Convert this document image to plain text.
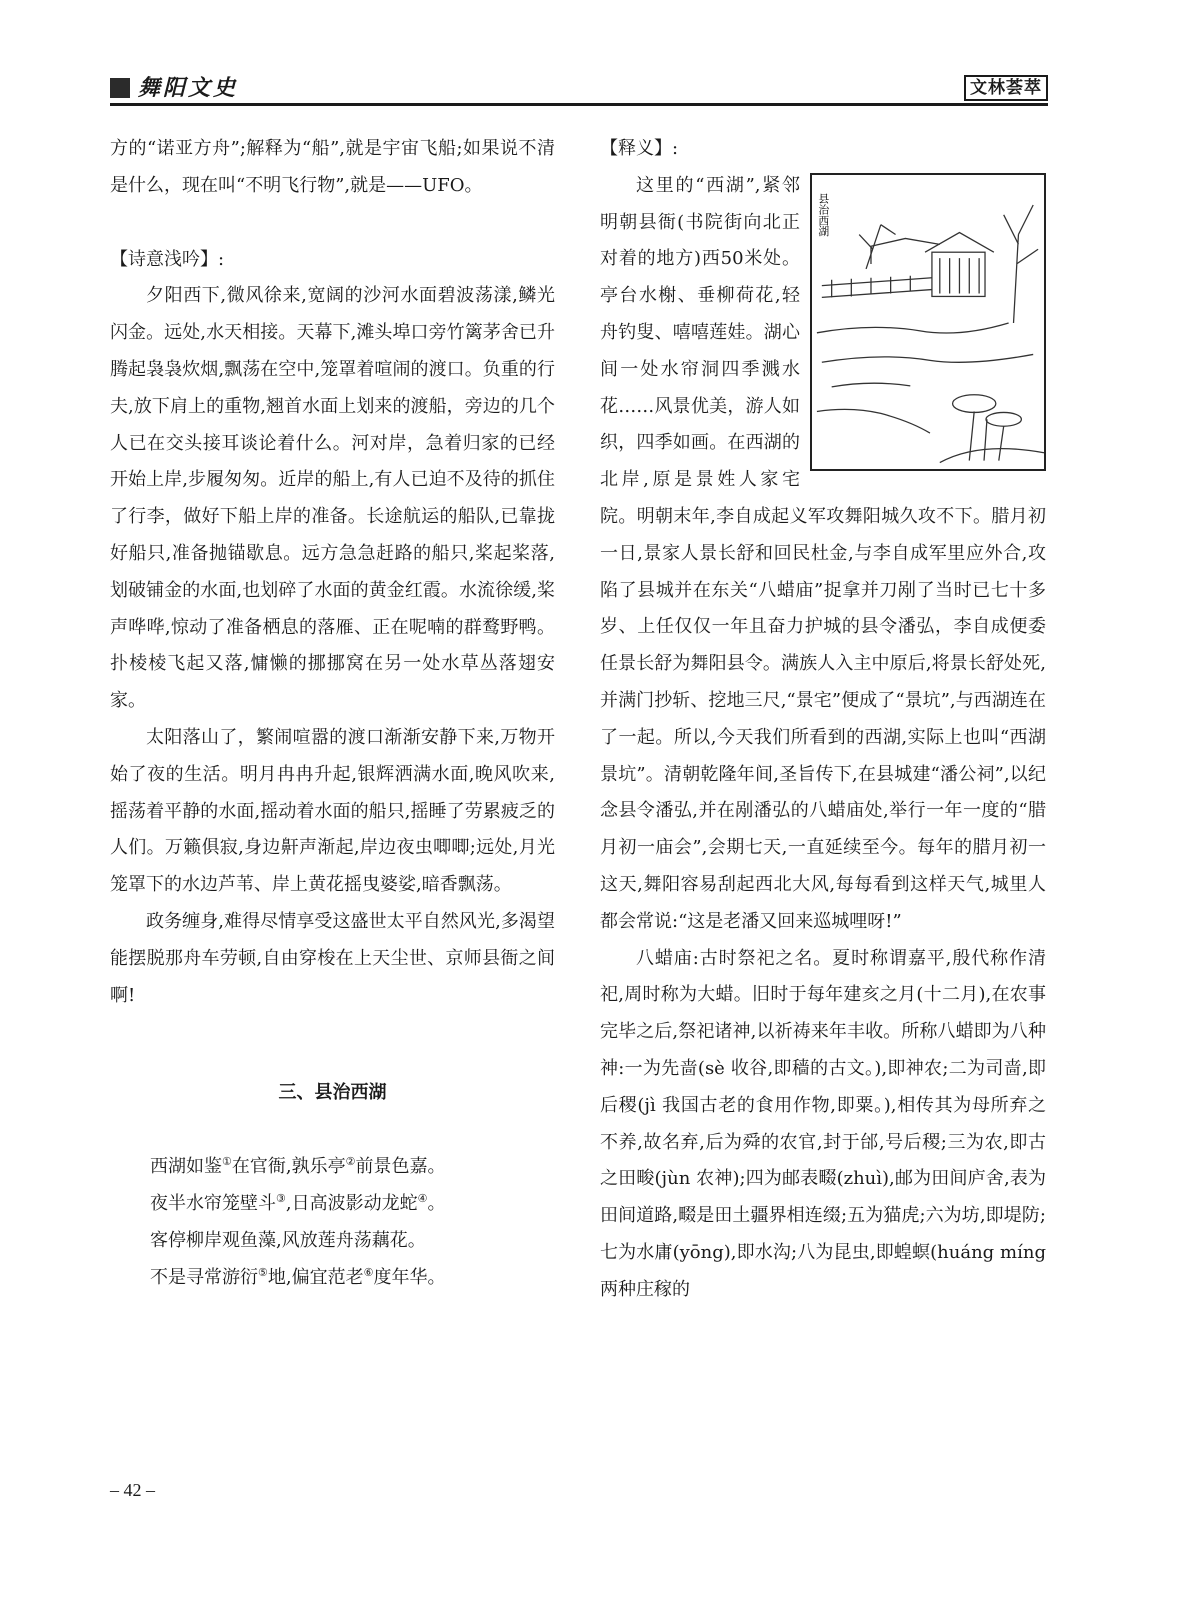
舞阳文史	文林荟萃

方的“诺亚方舟”;解释为“船”,就是宇宙飞船;如果说不清是什么，现在叫“不明飞行物”,就是——UFO。

【诗意浅吟】:

夕阳西下,微风徐来,宽阔的沙河水面碧波荡漾,鳞光闪金。远处,水天相接。天幕下,滩头埠口旁竹篱茅舍已升腾起袅袅炊烟,飘荡在空中,笼罩着喧闹的渡口。负重的行夫,放下肩上的重物,翘首水面上划来的渡船，旁边的几个人已在交头接耳谈论着什么。河对岸，急着归家的已经开始上岸,步履匆匆。近岸的船上,有人已迫不及待的抓住了行李，做好下船上岸的准备。长途航运的船队,已靠拢好船只,准备抛锚歇息。远方急急赶路的船只,桨起桨落,划破铺金的水面,也划碎了水面的黄金红霞。水流徐缓,桨声哗哗,惊动了准备栖息的落雁、正在呢喃的群鹜野鸭。扑棱棱飞起又落,慵懒的挪挪窝在另一处水草丛落翅安家。

太阳落山了，繁闹喧嚣的渡口渐渐安静下来,万物开始了夜的生活。明月冉冉升起,银辉洒满水面,晚风吹来,摇荡着平静的水面,摇动着水面的船只,摇睡了劳累疲乏的人们。万籁俱寂,身边鼾声渐起,岸边夜虫唧唧;远处,月光笼罩下的水边芦苇、岸上黄花摇曳婆娑,暗香飘荡。

政务缠身,难得尽情享受这盛世太平自然风光,多渴望能摆脱那舟车劳顿,自由穿梭在上天尘世、京师县衙之间啊!

三、县治西湖

西湖如鉴①在官衙,孰乐亭②前景色嘉。

夜半水帘笼壁斗③,日高波影动龙蛇④。

客停柳岸观鱼藻,风放莲舟荡藕花。

不是寻常游衍⑤地,偏宜范老⑥度年华。

【释义】:

县治西湖

这里的“西湖”,紧邻明朝县衙(书院街向北正对着的地方)西50米处。亭台水榭、垂柳荷花,轻舟钓叟、嘻嘻莲娃。湖心间一处水帘洞四季溅水花……风景优美，游人如织，四季如画。在西湖的北岸,原是景姓人家宅院。明朝末年,李自成起义军攻舞阳城久攻不下。腊月初一日,景家人景长舒和回民杜金,与李自成军里应外合,攻陷了县城并在东关“八蜡庙”捉拿并刀剐了当时已七十多岁、上任仅仅一年且奋力护城的县令潘弘，李自成便委任景长舒为舞阳县令。满族人入主中原后,将景长舒处死,并满门抄斩、挖地三尺,“景宅”便成了“景坑”,与西湖连在了一起。所以,今天我们所看到的西湖,实际上也叫“西湖景坑”。清朝乾隆年间,圣旨传下,在县城建“潘公祠”,以纪念县令潘弘,并在剐潘弘的八蜡庙处,举行一年一度的“腊月初一庙会”,会期七天,一直延续至今。每年的腊月初一这天,舞阳容易刮起西北大风,每每看到这样天气,城里人都会常说:“这是老潘又回来巡城哩呀!”

八蜡庙:古时祭祀之名。夏时称谓嘉平,殷代称作清祀,周时称为大蜡。旧时于每年建亥之月(十二月),在农事完毕之后,祭祀诸神,以祈祷来年丰收。所称八蜡即为八种神:一为先啬(sè 收谷,即穑的古文。),即神农;二为司啬,即后稷(jì 我国古老的食用作物,即粟。),相传其为母所弃之不养,故名弃,后为舜的农官,封于邰,号后稷;三为农,即古之田畯(jùn 农神);四为邮表畷(zhuì),邮为田间庐舍,表为田间道路,畷是田土疆界相连缀;五为猫虎;六为坊,即堤防;七为水庸(yōng),即水沟;八为昆虫,即蝗螟(huáng míng 两种庄稼的

– 42 –
